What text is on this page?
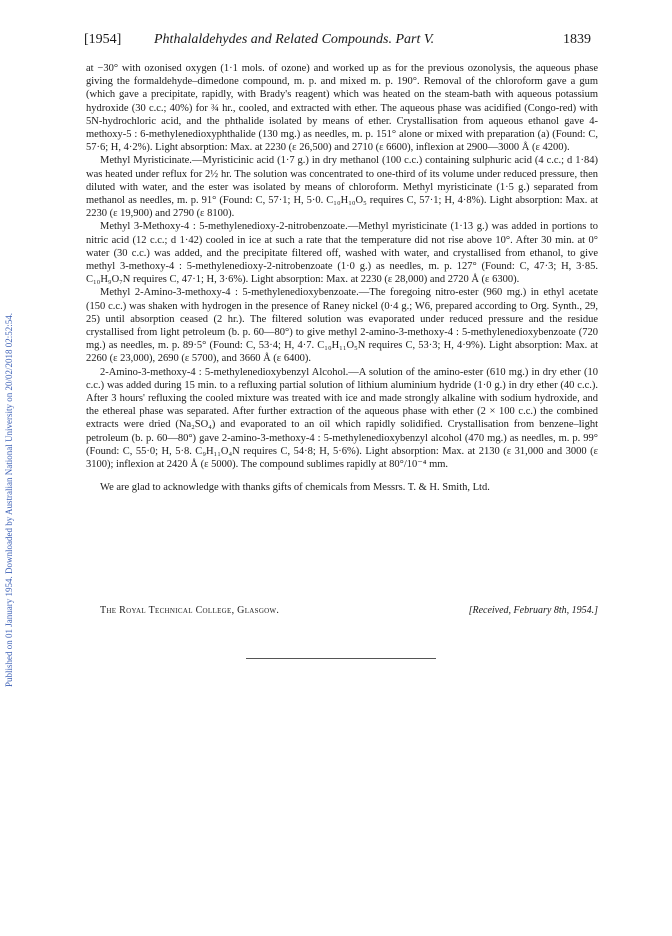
Published on 01 January 1954. Downloaded by Australian National University on 20/02/2018 02:52:54.
[1954] Phthalaldehydes and Related Compounds. Part V.	1839

at −30° with ozonised oxygen (1·1 mols. of ozone) and worked up as for the previous ozonolysis, the aqueous phase giving the formaldehyde–dimedone compound, m. p. and mixed m. p. 190°. Removal of the chloroform gave a gum (which gave a precipitate, rapidly, with Brady's reagent) which was heated on the steam-bath with aqueous potassium hydroxide (30 c.c.; 40%) for ¾ hr., cooled, and extracted with ether. The aqueous phase was acidified (Congo-red) with 5N-hydrochloric acid, and the phthalide isolated by means of ether. Crystallisation from aqueous ethanol gave 4-methoxy-5 : 6-methylenedioxyphthalide (130 mg.) as needles, m. p. 151° alone or mixed with preparation (a) (Found: C, 57·6; H, 4·2%). Light absorption: Max. at 2230 (ε 26,500) and 2710 (ε 6600), inflexion at 2900—3000 Å (ε 4200).

Methyl Myristicinate.—Myristicinic acid (1·7 g.) in dry methanol (100 c.c.) containing sulphuric acid (4 c.c.; d 1·84) was heated under reflux for 2½ hr. The solution was concentrated to one-third of its volume under reduced pressure, then diluted with water, and the ester was isolated by means of chloroform. Methyl myristicinate (1·5 g.) separated from methanol as needles, m. p. 91° (Found: C, 57·1; H, 5·0. C₁₀H₁₀O₅ requires C, 57·1; H, 4·8%). Light absorption: Max. at 2230 (ε 19,900) and 2790 (ε 8100).

Methyl 3-Methoxy-4 : 5-methylenedioxy-2-nitrobenzoate.—Methyl myristicinate (1·13 g.) was added in portions to nitric acid (12 c.c.; d 1·42) cooled in ice at such a rate that the temperature did not rise above 10°. After 30 min. at 0° water (30 c.c.) was added, and the precipitate filtered off, washed with water, and crystallised from ethanol, to give methyl 3-methoxy-4 : 5-methylenedioxy-2-nitrobenzoate (1·0 g.) as needles, m. p. 127° (Found: C, 47·3; H, 3·85. C₁₀H₉O₇N requires C, 47·1; H, 3·6%). Light absorption: Max. at 2230 (ε 28,000) and 2720 Å (ε 6300).

Methyl 2-Amino-3-methoxy-4 : 5-methylenedioxybenzoate.—The foregoing nitro-ester (960 mg.) in ethyl acetate (150 c.c.) was shaken with hydrogen in the presence of Raney nickel (0·4 g.; W6, prepared according to Org. Synth., 29, 25) until absorption ceased (2 hr.). The filtered solution was evaporated under reduced pressure and the residue crystallised from light petroleum (b. p. 60—80°) to give methyl 2-amino-3-methoxy-4 : 5-methylenedioxybenzoate (720 mg.) as needles, m. p. 89·5° (Found: C, 53·4; H, 4·7. C₁₀H₁₁O₅N requires C, 53·3; H, 4·9%). Light absorption: Max. at 2260 (ε 23,000), 2690 (ε 5700), and 3660 Å (ε 6400).

2-Amino-3-methoxy-4 : 5-methylenedioxybenzyl Alcohol.—A solution of the amino-ester (610 mg.) in dry ether (10 c.c.) was added during 15 min. to a refluxing partial solution of lithium aluminium hydride (1·0 g.) in dry ether (40 c.c.). After 3 hours' refluxing the cooled mixture was treated with ice and made strongly alkaline with sodium hydroxide, and the ethereal phase was separated. After further extraction of the aqueous phase with ether (2 × 100 c.c.) the combined extracts were dried (Na₂SO₄) and evaporated to an oil which rapidly solidified. Crystallisation from benzene–light petroleum (b. p. 60—80°) gave 2-amino-3-methoxy-4 : 5-methylenedioxybenzyl alcohol (470 mg.) as needles, m. p. 99° (Found: C, 55·0; H, 5·8. C₉H₁₁O₄N requires C, 54·8; H, 5·6%). Light absorption: Max. at 2130 (ε 31,000 and 3000 (ε 3100); inflexion at 2420 Å (ε 5000). The compound sublimes rapidly at 80°/10⁻⁴ mm.

We are glad to acknowledge with thanks gifts of chemicals from Messrs. T. & H. Smith, Ltd.

The Royal Technical College, Glasgow.	[Received, February 8th, 1954.]
